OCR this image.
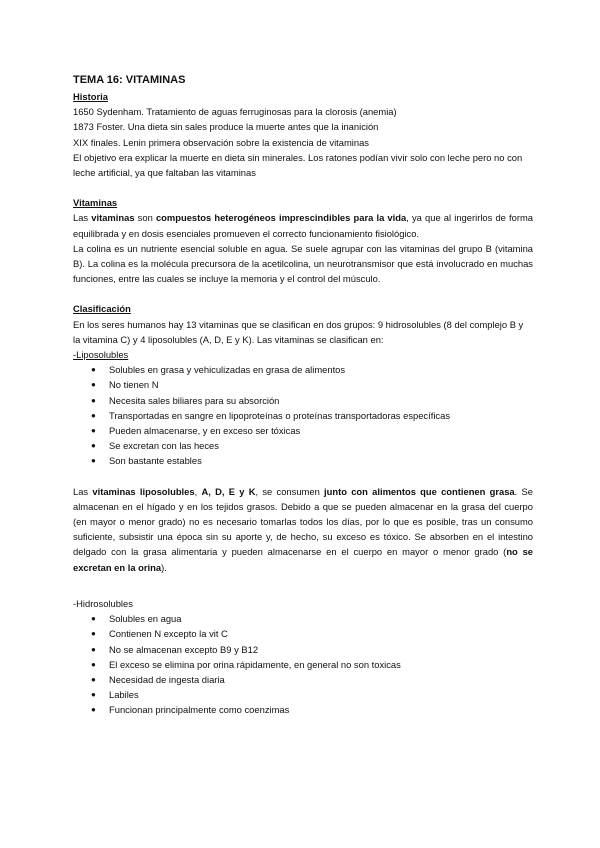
TEMA 16: VITAMINAS

Historia

1650 Sydenham. Tratamiento de aguas ferruginosas para la clorosis (anemia)

1873 Foster. Una dieta sin sales produce la muerte antes que la inanición

XIX finales. Lenin primera observación sobre la existencia de vitaminas

El objetivo era explicar la muerte en dieta sin minerales. Los ratones podían vivir solo con leche pero no con leche artificial, ya que faltaban las vitaminas

Vitaminas

Las vitaminas son compuestos heterogéneos imprescindibles para la vida, ya que al ingerirlos de forma equilibrada y en dosis esenciales promueven el correcto funcionamiento fisiológico.

La colina es un nutriente esencial soluble en agua. Se suele agrupar con las vitaminas del grupo B (vitamina B). La colina es la molécula precursora de la acetilcolina, un neurotransmisor que está involucrado en muchas funciones, entre las cuales se incluye la memoria y el control del músculo.

Clasificación

En los seres humanos hay 13 vitaminas que se clasifican en dos grupos: 9 hidrosolubles (8 del complejo B y la vitamina C) y 4 liposolubles (A, D, E y K). Las vitaminas se clasifican en:

-Liposolubles

● Solubles en grasa y vehiculizadas en grasa de alimentos
● No tienen N
● Necesita sales biliares para su absorción
● Transportadas en sangre en lipoproteínas o proteínas transportadoras específicas
● Pueden almacenarse, y en exceso ser tóxicas
● Se excretan con las heces
● Son bastante estables

Las vitaminas liposolubles, A, D, E y K, se consumen junto con alimentos que contienen grasa. Se almacenan en el hígado y en los tejidos grasos. Debido a que se pueden almacenar en la grasa del cuerpo (en mayor o menor grado) no es necesario tomarlas todos los días, por lo que es posible, tras un consumo suficiente, subsistir una época sin su aporte y, de hecho, su exceso es tóxico. Se absorben en el intestino delgado con la grasa alimentaria y pueden almacenarse en el cuerpo en mayor o menor grado (no se excretan en la orina).

-Hidrosolubles

● Solubles en agua
● Contienen N excepto la vit C
● No se almacenan excepto B9 y B12
● El exceso se elimina por orina rápidamente, en general no son toxicas
● Necesidad de ingesta diaria
● Labiles
● Funcionan principalmente como coenzimas
